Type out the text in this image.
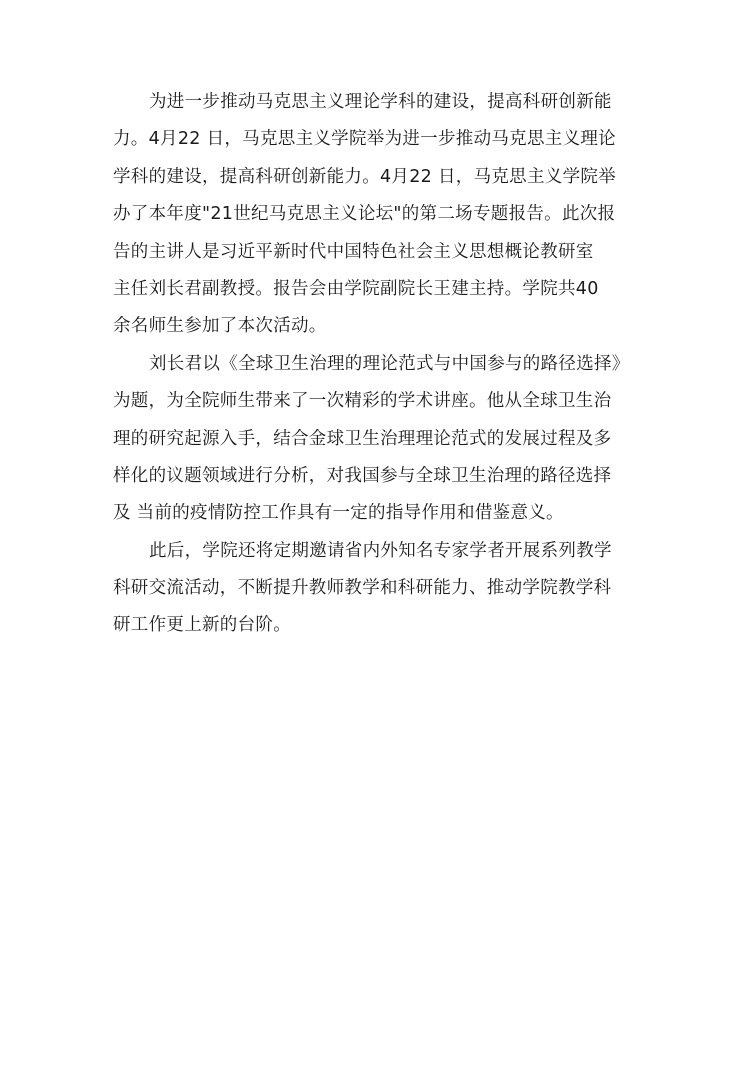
为进一步推动马克思主义理论学科的建设，提高科研创新能
力。4月22 日，马克思主义学院举为进一步推动马克思主义理论
学科的建设，提高科研创新能力。4月22 日，马克思主义学院举
办了本年度"21世纪马克思主义论坛"的第二场专题报告。此次报
告的主讲人是习近平新时代中国特色社会主义思想概论教研室
主任刘长君副教授。报告会由学院副院长王建主持。学院共40
余名师生参加了本次活动。
刘长君以《全球卫生治理的理论范式与中国参与的路径选择》
为题，为全院师生带来了一次精彩的学术讲座。他从全球卫生治
理的研究起源入手，结合金球卫生治理理论范式的发展过程及多
样化的议题领域进行分析，对我国参与全球卫生治理的路径选择
及 当前的疫情防控工作具有一定的指导作用和借鉴意义。
此后，学院还将定期邀请省内外知名专家学者开展系列教学
科研交流活动，不断提升教师教学和科研能力、推动学院教学科
研工作更上新的台阶。
